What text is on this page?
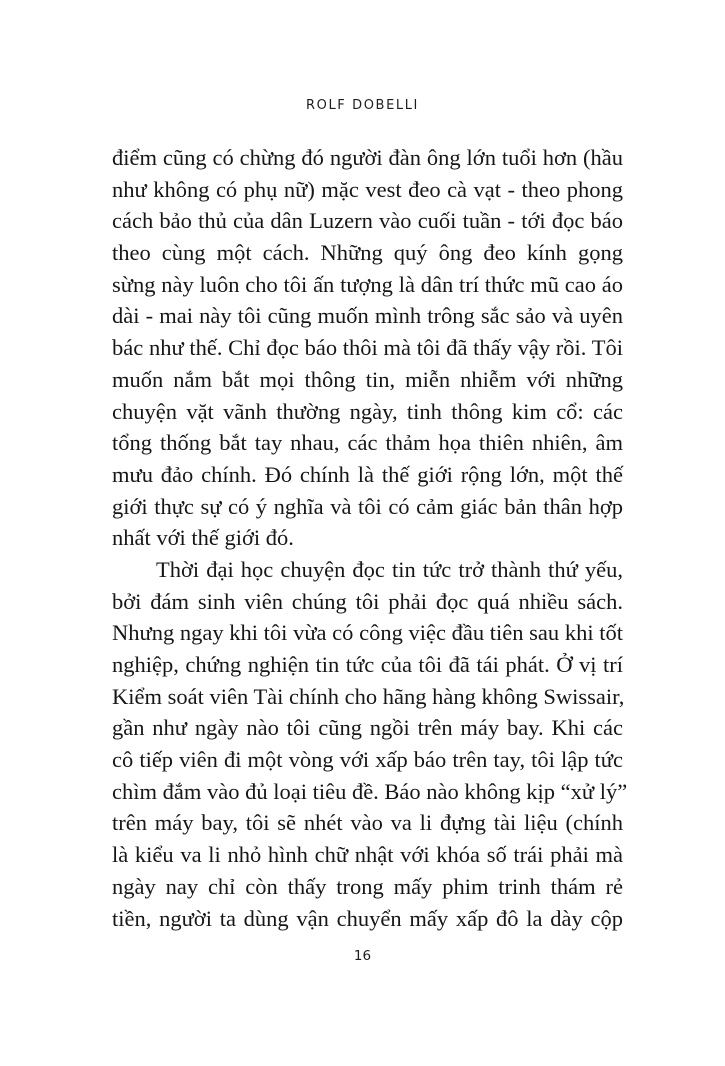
ROLF DOBELLI
điểm cũng có chừng đó người đàn ông lớn tuổi hơn (hầu
như không có phụ nữ) mặc vest đeo cà vạt - theo phong
cách bảo thủ của dân Luzern vào cuối tuần - tới đọc báo
theo cùng một cách. Những quý ông đeo kính gọng
sừng này luôn cho tôi ấn tượng là dân trí thức mũ cao áo
dài - mai này tôi cũng muốn mình trông sắc sảo và uyên
bác như thế. Chỉ đọc báo thôi mà tôi đã thấy vậy rồi. Tôi
muốn nắm bắt mọi thông tin, miễn nhiễm với những
chuyện vặt vãnh thường ngày, tinh thông kim cổ: các
tổng thống bắt tay nhau, các thảm họa thiên nhiên, âm
mưu đảo chính. Đó chính là thế giới rộng lớn, một thế
giới thực sự có ý nghĩa và tôi có cảm giác bản thân hợp
nhất với thế giới đó.
Thời đại học chuyện đọc tin tức trở thành thứ yếu,
bởi đám sinh viên chúng tôi phải đọc quá nhiều sách.
Nhưng ngay khi tôi vừa có công việc đầu tiên sau khi tốt
nghiệp, chứng nghiện tin tức của tôi đã tái phát. Ở vị trí
Kiểm soát viên Tài chính cho hãng hàng không Swissair,
gần như ngày nào tôi cũng ngồi trên máy bay. Khi các
cô tiếp viên đi một vòng với xấp báo trên tay, tôi lập tức
chìm đắm vào đủ loại tiêu đề. Báo nào không kịp “xử lý”
trên máy bay, tôi sẽ nhét vào va li đựng tài liệu (chính
là kiểu va li nhỏ hình chữ nhật với khóa số trái phải mà
ngày nay chỉ còn thấy trong mấy phim trinh thám rẻ
tiền, người ta dùng vận chuyển mấy xấp đô la dày cộp
16
